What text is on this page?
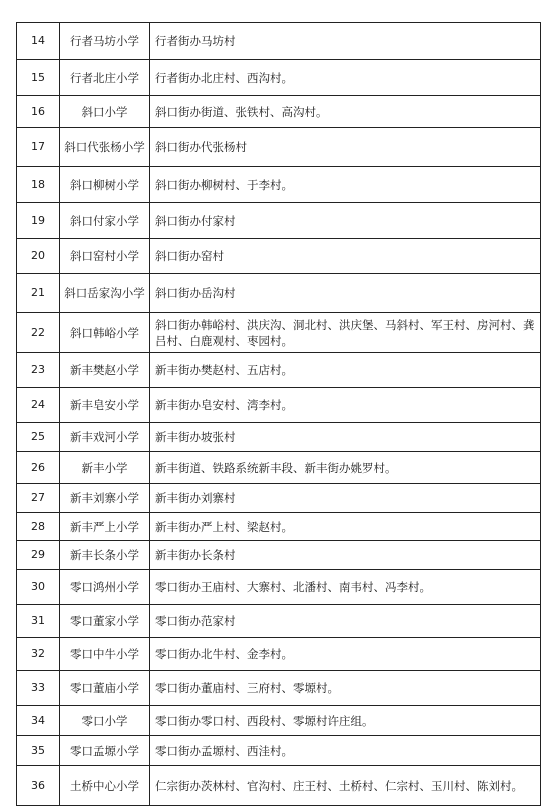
14	行者马坊小学	行者街办马坊村
15	行者北庄小学	行者街办北庄村、西沟村。
16	斜口小学	斜口街办街道、张铁村、高沟村。
17	斜口代张杨小学	斜口街办代张杨村
18	斜口柳树小学	斜口街办柳树村、于李村。
19	斜口付家小学	斜口街办付家村
20	斜口窑村小学	斜口街办窑村
21	斜口岳家沟小学	斜口街办岳沟村
22	斜口韩峪小学	斜口街办韩峪村、洪庆沟、洞北村、洪庆堡、马斜村、军王村、房河村、龚吕村、白鹿观村、枣园村。
23	新丰樊赵小学	新丰街办樊赵村、五店村。
24	新丰皂安小学	新丰街办皂安村、湾李村。
25	新丰戏河小学	新丰街办坡张村
26	新丰小学	新丰街道、铁路系统新丰段、新丰街办姚罗村。
27	新丰刘寨小学	新丰街办刘寨村
28	新丰严上小学	新丰街办严上村、梁赵村。
29	新丰长条小学	新丰街办长条村
30	零口鸿州小学	零口街办王庙村、大寨村、北潘村、南韦村、冯李村。
31	零口董家小学	零口街办范家村
32	零口中牛小学	零口街办北牛村、金李村。
33	零口董庙小学	零口街办董庙村、三府村、零塬村。
34	零口小学	零口街办零口村、西段村、零塬村许庄组。
35	零口孟塬小学	零口街办孟塬村、西洼村。
36	土桥中心小学	仁宗街办茨林村、官沟村、庄王村、土桥村、仁宗村、玉川村、陈刘村。
